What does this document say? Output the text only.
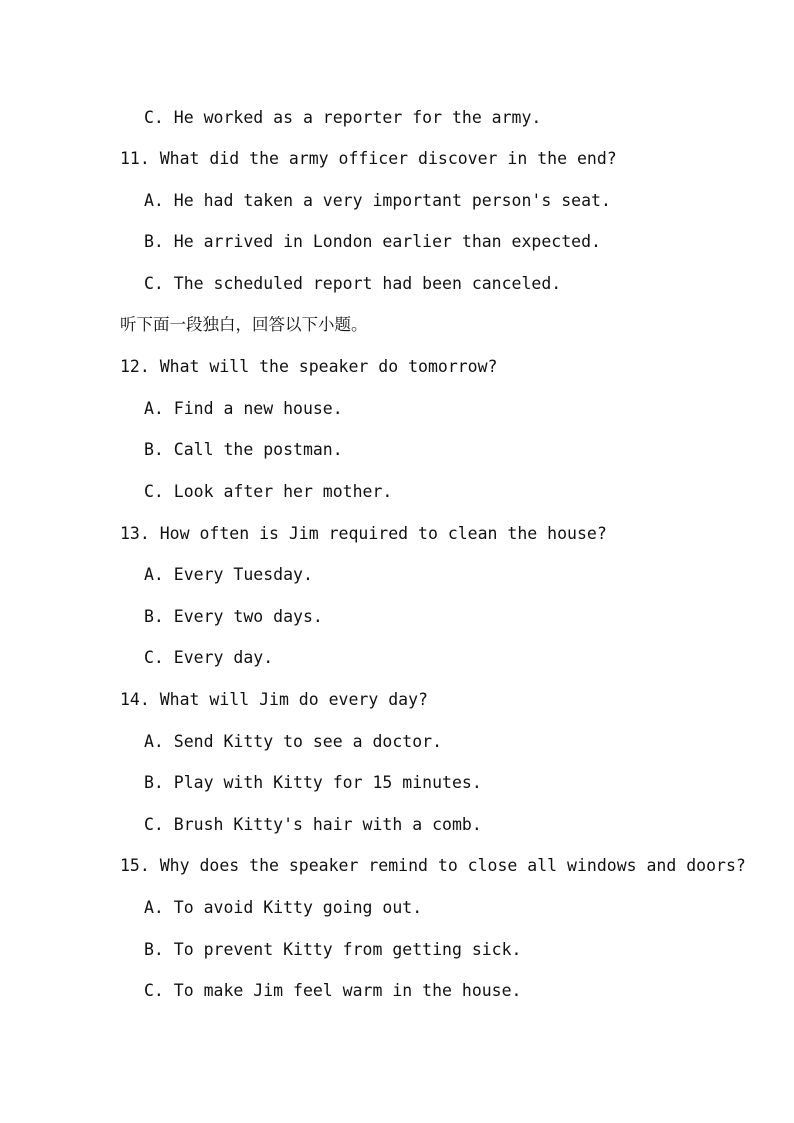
C. He worked as a reporter for the army.
11. What did the army officer discover in the end?
A. He had taken a very important person's seat.
B. He arrived in London earlier than expected.
C. The scheduled report had been canceled.
听下面一段独白，回答以下小题。
12. What will the speaker do tomorrow?
A. Find a new house.
B. Call the postman.
C. Look after her mother.
13. How often is Jim required to clean the house?
A. Every Tuesday.
B. Every two days.
C. Every day.
14. What will Jim do every day?
A. Send Kitty to see a doctor.
B. Play with Kitty for 15 minutes.
C. Brush Kitty's hair with a comb.
15. Why does the speaker remind to close all windows and doors?
A. To avoid Kitty going out.
B. To prevent Kitty from getting sick.
C. To make Jim feel warm in the house.
